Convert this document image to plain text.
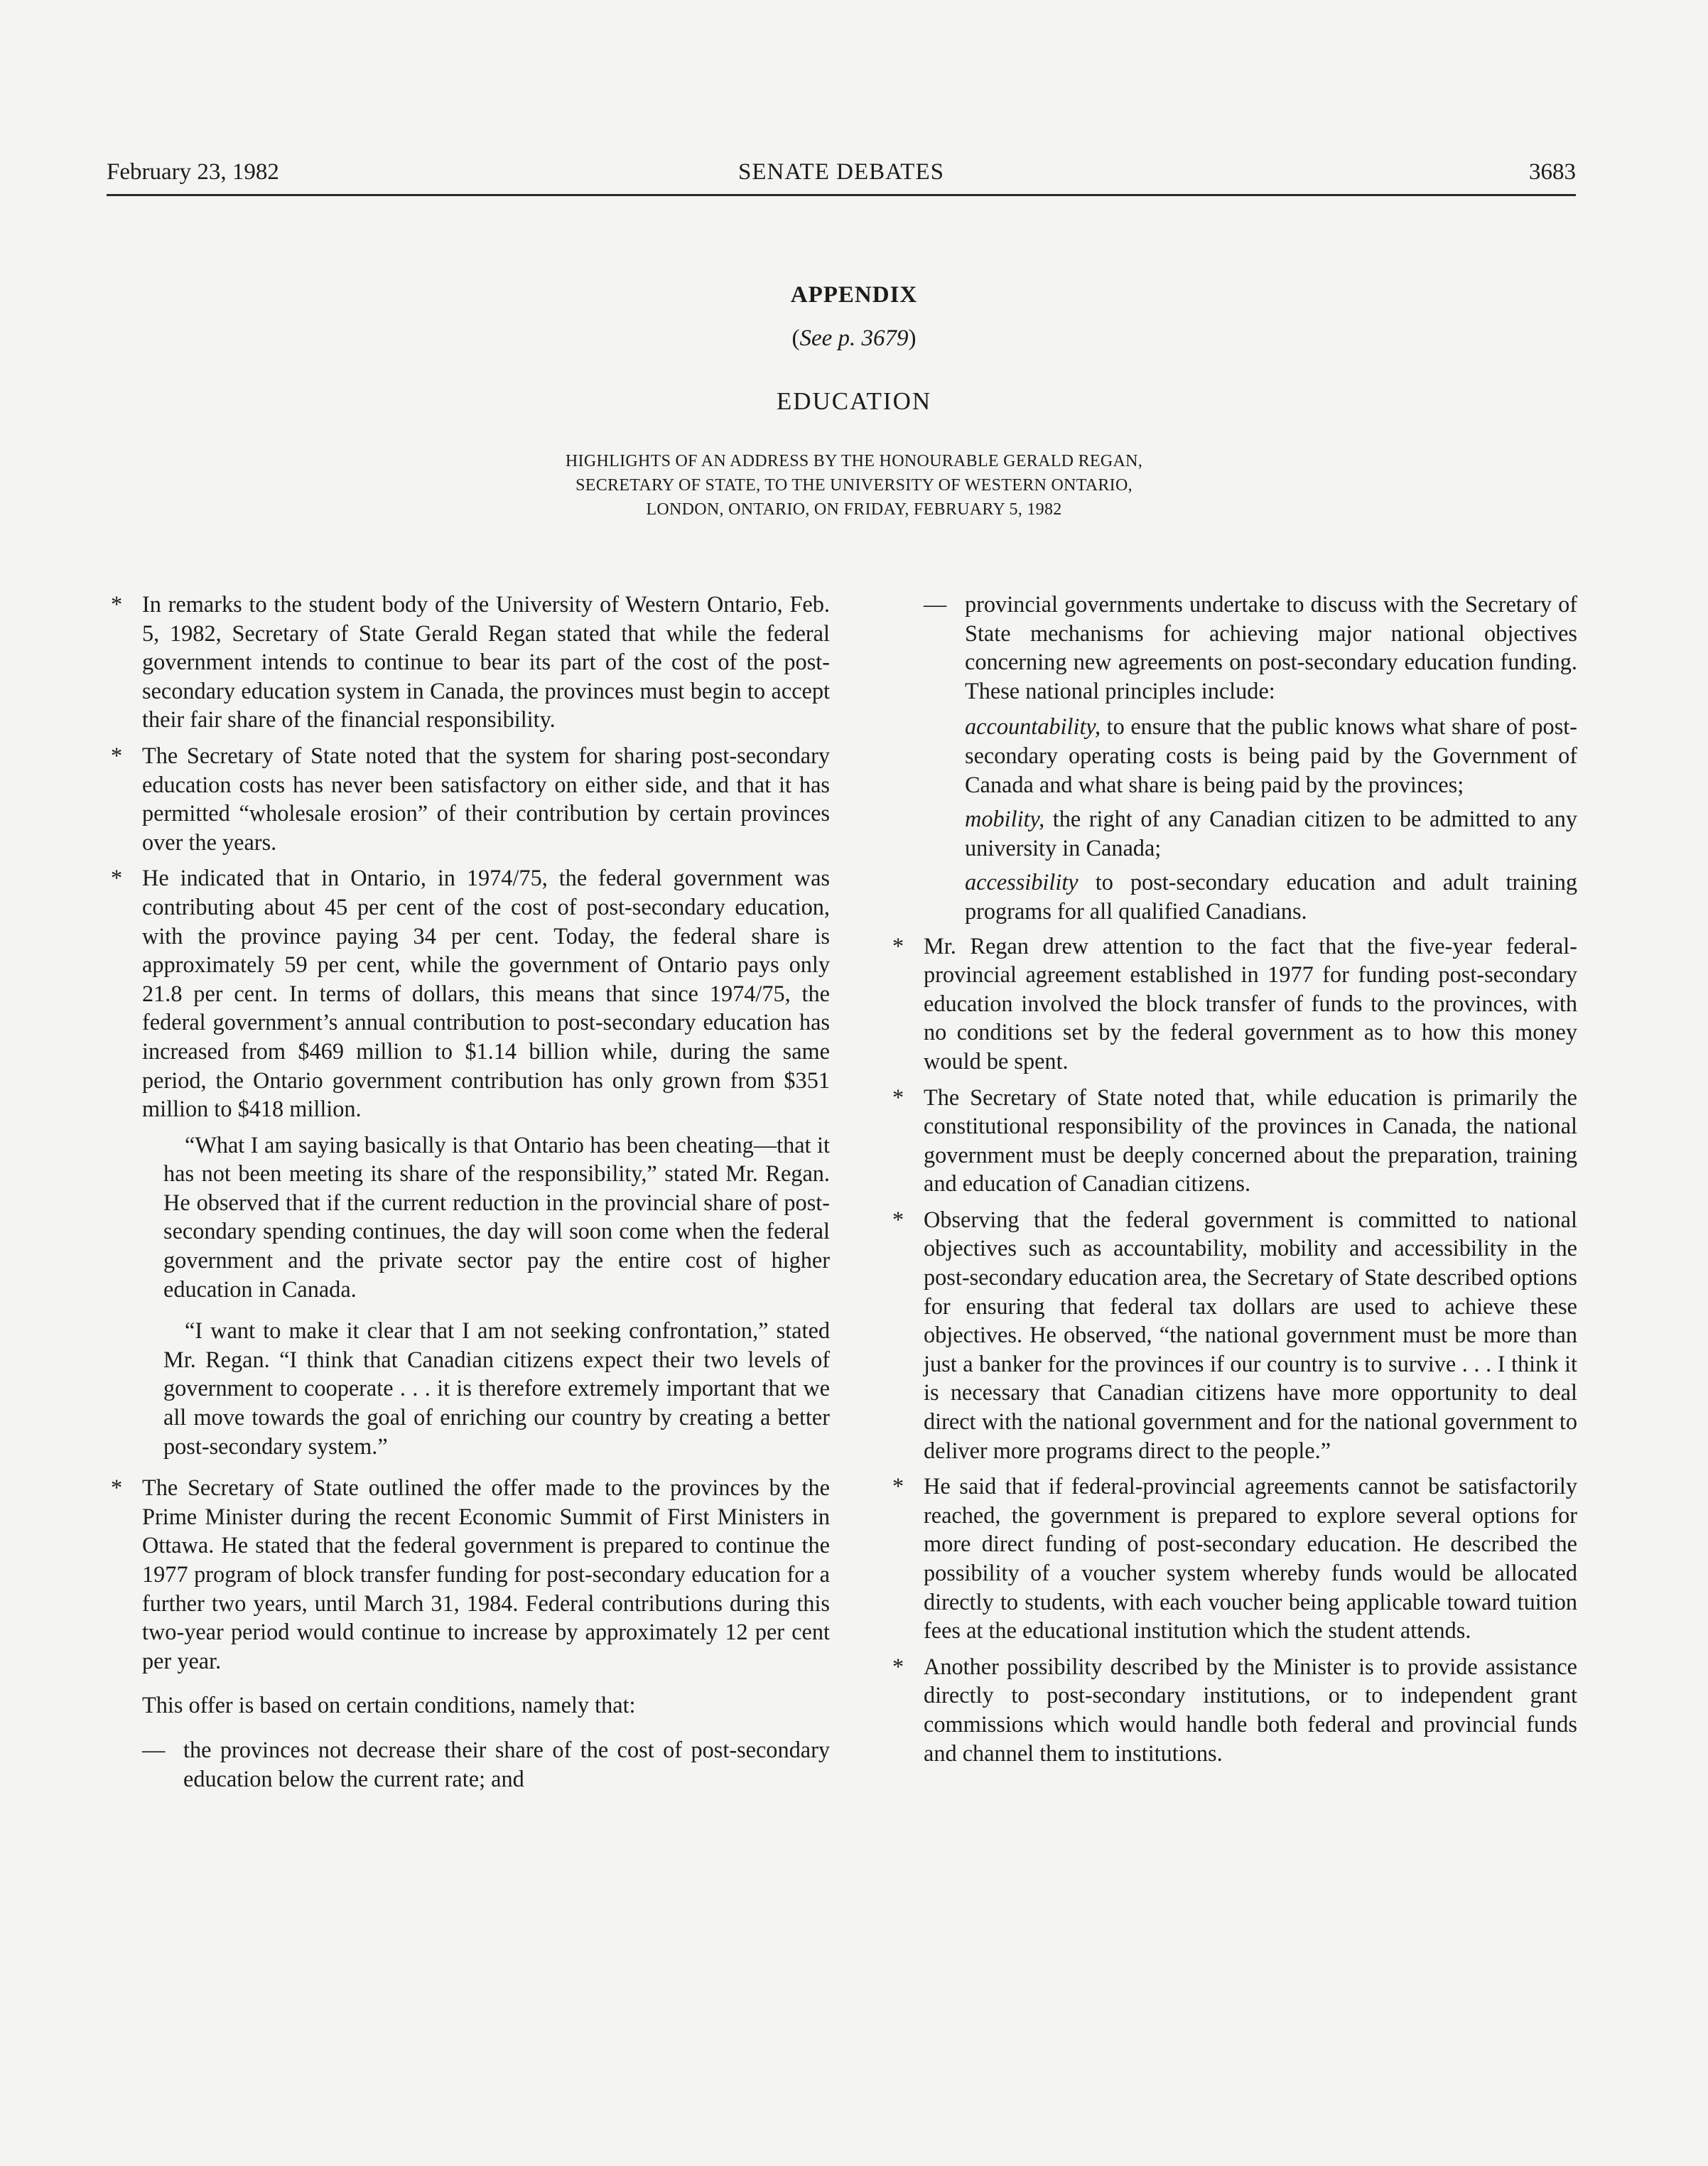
February 23, 1982	SENATE DEBATES	3683
APPENDIX
(See p. 3679)
EDUCATION
HIGHLIGHTS OF AN ADDRESS BY THE HONOURABLE GERALD REGAN,
SECRETARY OF STATE, TO THE UNIVERSITY OF WESTERN ONTARIO,
LONDON, ONTARIO, ON FRIDAY, FEBRUARY 5, 1982
* In remarks to the student body of the University of Western Ontario, Feb. 5, 1982, Secretary of State Gerald Regan stated that while the federal government intends to continue to bear its part of the cost of the post-secondary education system in Canada, the provinces must begin to accept their fair share of the financial responsibility.
* The Secretary of State noted that the system for sharing post-secondary education costs has never been satisfactory on either side, and that it has permitted “wholesale erosion” of their contribution by certain provinces over the years.
* He indicated that in Ontario, in 1974/75, the federal government was contributing about 45 per cent of the cost of post-secondary education, with the province paying 34 per cent. Today, the federal share is approximately 59 per cent, while the government of Ontario pays only 21.8 per cent. In terms of dollars, this means that since 1974/75, the federal government’s annual contribution to post-secondary education has increased from $469 million to $1.14 billion while, during the same period, the Ontario government contribution has only grown from $351 million to $418 million.
“What I am saying basically is that Ontario has been cheating—that it has not been meeting its share of the responsibility,” stated Mr. Regan. He observed that if the current reduction in the provincial share of post-secondary spending continues, the day will soon come when the federal government and the private sector pay the entire cost of higher education in Canada.
“I want to make it clear that I am not seeking confrontation,” stated Mr. Regan. “I think that Canadian citizens expect their two levels of government to cooperate . . . it is therefore extremely important that we all move towards the goal of enriching our country by creating a better post-secondary system.”
* The Secretary of State outlined the offer made to the provinces by the Prime Minister during the recent Economic Summit of First Ministers in Ottawa. He stated that the federal government is prepared to continue the 1977 program of block transfer funding for post-secondary education for a further two years, until March 31, 1984. Federal contributions during this two-year period would continue to increase by approximately 12 per cent per year.
This offer is based on certain conditions, namely that:
— the provinces not decrease their share of the cost of post-secondary education below the current rate; and
— provincial governments undertake to discuss with the Secretary of State mechanisms for achieving major national objectives concerning new agreements on post-secondary education funding. These national principles include:
accountability, to ensure that the public knows what share of post-secondary operating costs is being paid by the Government of Canada and what share is being paid by the provinces;
mobility, the right of any Canadian citizen to be admitted to any university in Canada;
accessibility to post-secondary education and adult training programs for all qualified Canadians.
* Mr. Regan drew attention to the fact that the five-year federal-provincial agreement established in 1977 for funding post-secondary education involved the block transfer of funds to the provinces, with no conditions set by the federal government as to how this money would be spent.
* The Secretary of State noted that, while education is primarily the constitutional responsibility of the provinces in Canada, the national government must be deeply concerned about the preparation, training and education of Canadian citizens.
* Observing that the federal government is committed to national objectives such as accountability, mobility and accessibility in the post-secondary education area, the Secretary of State described options for ensuring that federal tax dollars are used to achieve these objectives. He observed, “the national government must be more than just a banker for the provinces if our country is to survive . . . I think it is necessary that Canadian citizens have more opportunity to deal direct with the national government and for the national government to deliver more programs direct to the people.”
* He said that if federal-provincial agreements cannot be satisfactorily reached, the government is prepared to explore several options for more direct funding of post-secondary education. He described the possibility of a voucher system whereby funds would be allocated directly to students, with each voucher being applicable toward tuition fees at the educational institution which the student attends.
* Another possibility described by the Minister is to provide assistance directly to post-secondary institutions, or to independent grant commissions which would handle both federal and provincial funds and channel them to institutions.
